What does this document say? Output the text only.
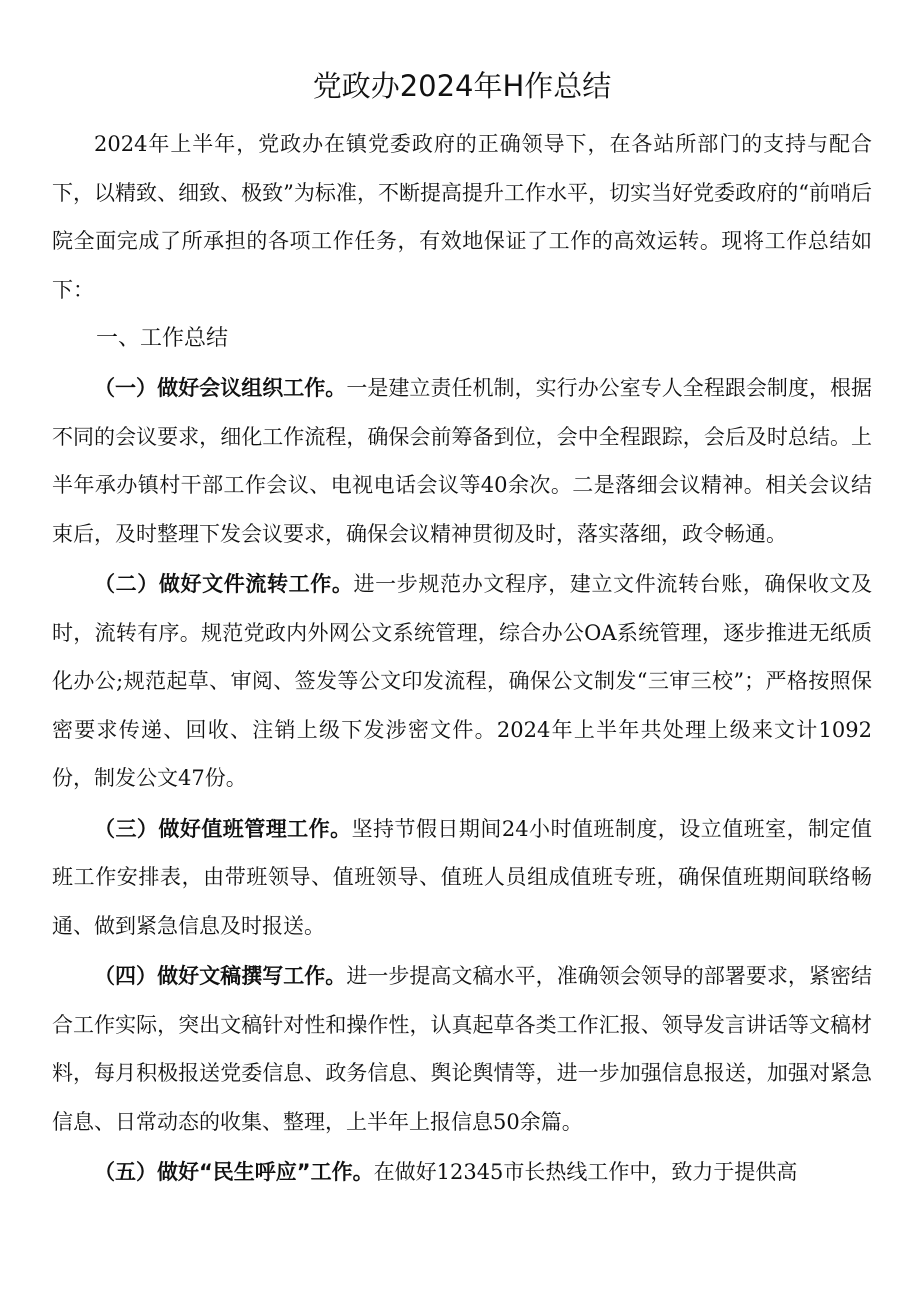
党政办2024年H作总结

2024年上半年，党政办在镇党委政府的正确领导下，在各站所部门的支持与配合下，以精致、细致、极致”为标准，不断提高提升工作水平，切实当好党委政府的“前哨后院全面完成了所承担的各项工作任务，有效地保证了工作的高效运转。现将工作总结如下：

一、工作总结

（一）做好会议组织工作。一是建立责任机制，实行办公室专人全程跟会制度，根据不同的会议要求，细化工作流程，确保会前筹备到位，会中全程跟踪，会后及时总结。上半年承办镇村干部工作会议、电视电话会议等40余次。二是落细会议精神。相关会议结束后，及时整理下发会议要求，确保会议精神贯彻及时，落实落细，政令畅通。

（二）做好文件流转工作。进一步规范办文程序，建立文件流转台账，确保收文及时，流转有序。规范党政内外网公文系统管理，综合办公OA系统管理，逐步推进无纸质化办公;规范起草、审阅、签发等公文印发流程，确保公文制发“三审三校”；严格按照保密要求传递、回收、注销上级下发涉密文件。2024年上半年共处理上级来文计1092份，制发公文47份。

（三）做好值班管理工作。坚持节假日期间24小时值班制度，设立值班室，制定值班工作安排表，由带班领导、值班领导、值班人员组成值班专班，确保值班期间联络畅通、做到紧急信息及时报送。

（四）做好文稿撰写工作。进一步提高文稿水平，准确领会领导的部署要求，紧密结合工作实际，突出文稿针对性和操作性，认真起草各类工作汇报、领导发言讲话等文稿材料，每月积极报送党委信息、政务信息、舆论舆情等，进一步加强信息报送，加强对紧急信息、日常动态的收集、整理，上半年上报信息50余篇。

（五）做好“民生呼应”工作。在做好12345市长热线工作中，致力于提供高
